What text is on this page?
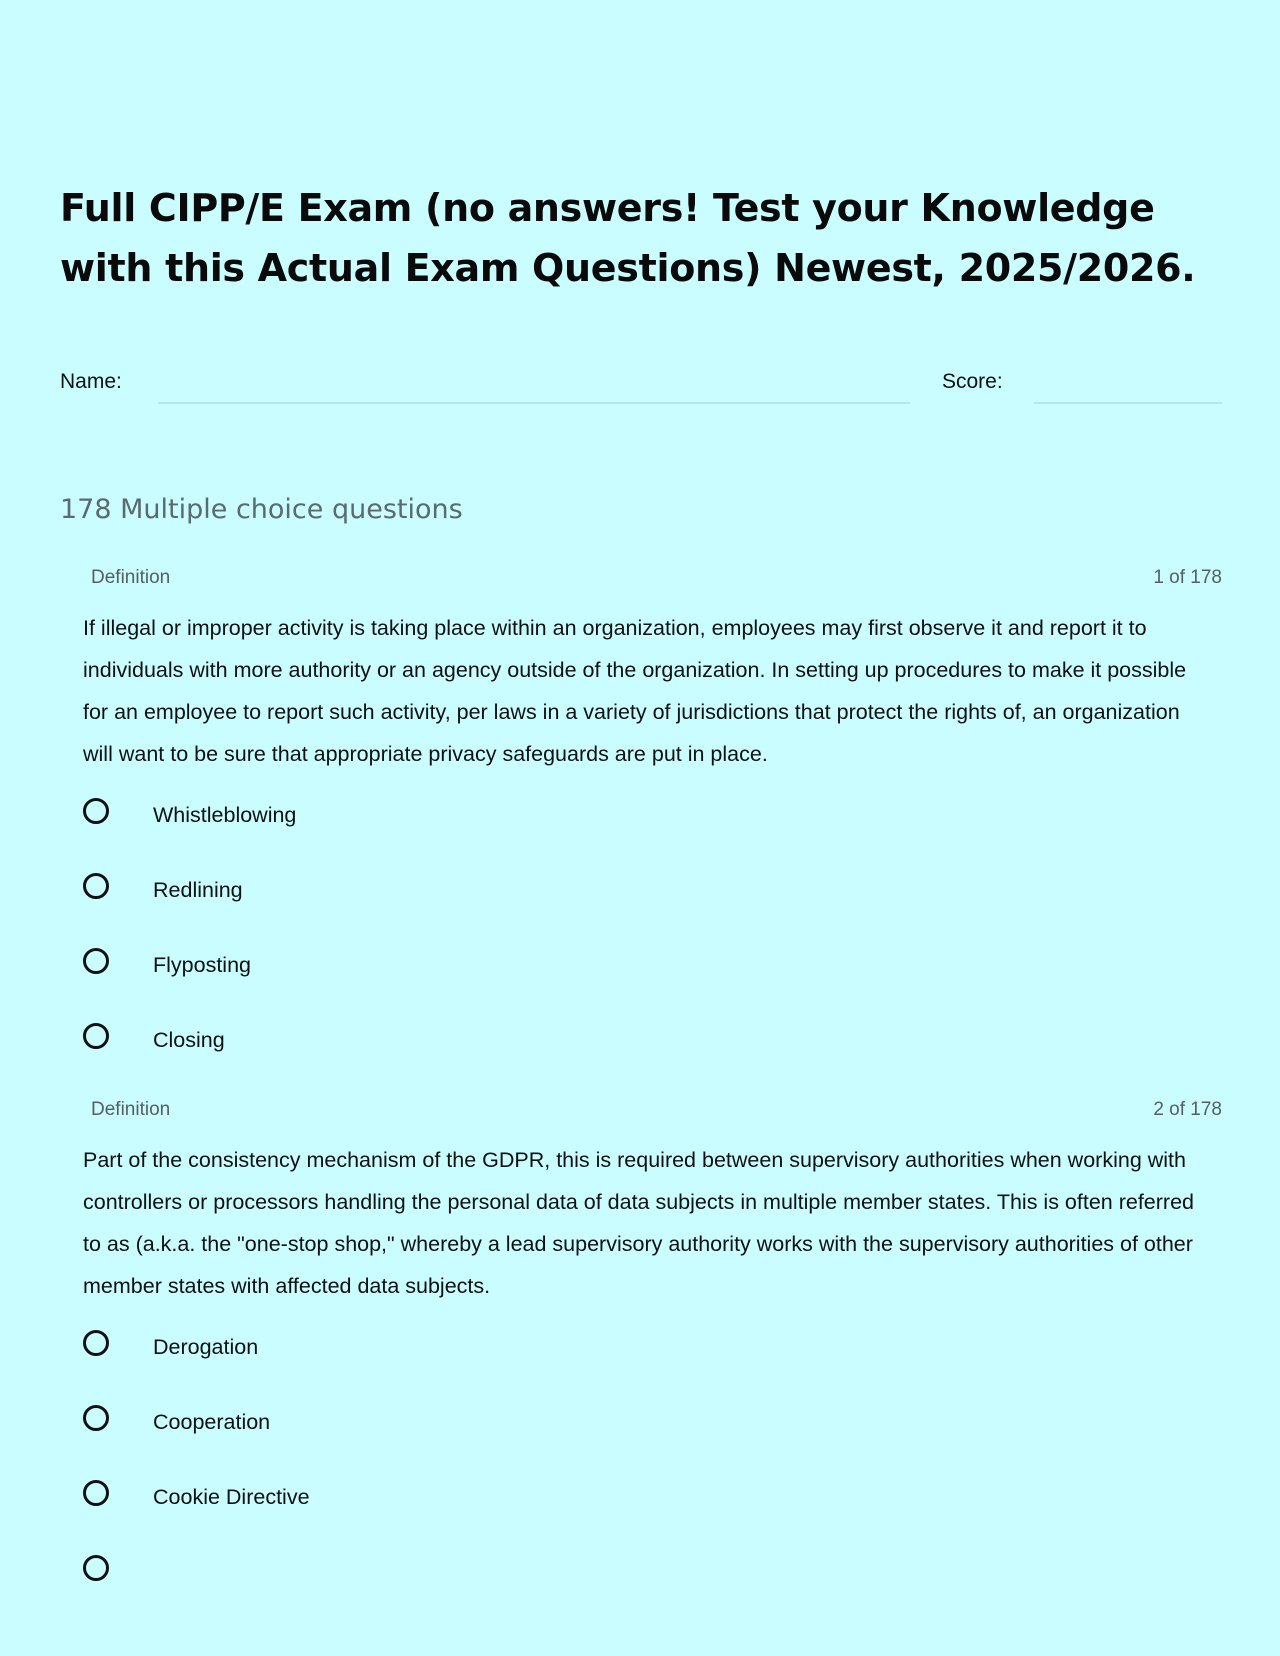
Full CIPP/E Exam (no answers! Test your Knowledge with this Actual Exam Questions) Newest, 2025/2026.
Name:	Score:
178 Multiple choice questions
Definition	1 of 178

If illegal or improper activity is taking place within an organization, employees may first observe it and report it to individuals with more authority or an agency outside of the organization. In setting up procedures to make it possible for an employee to report such activity, per laws in a variety of jurisdictions that protect the rights of, an organization will want to be sure that appropriate privacy safeguards are put in place.

Whistleblowing
Redlining
Flyposting
Closing
Definition	2 of 178

Part of the consistency mechanism of the GDPR, this is required between supervisory authorities when working with controllers or processors handling the personal data of data subjects in multiple member states. This is often referred to as (a.k.a. the "one-stop shop," whereby a lead supervisory authority works with the supervisory authorities of other member states with affected data subjects.

Derogation
Cooperation
Cookie Directive
